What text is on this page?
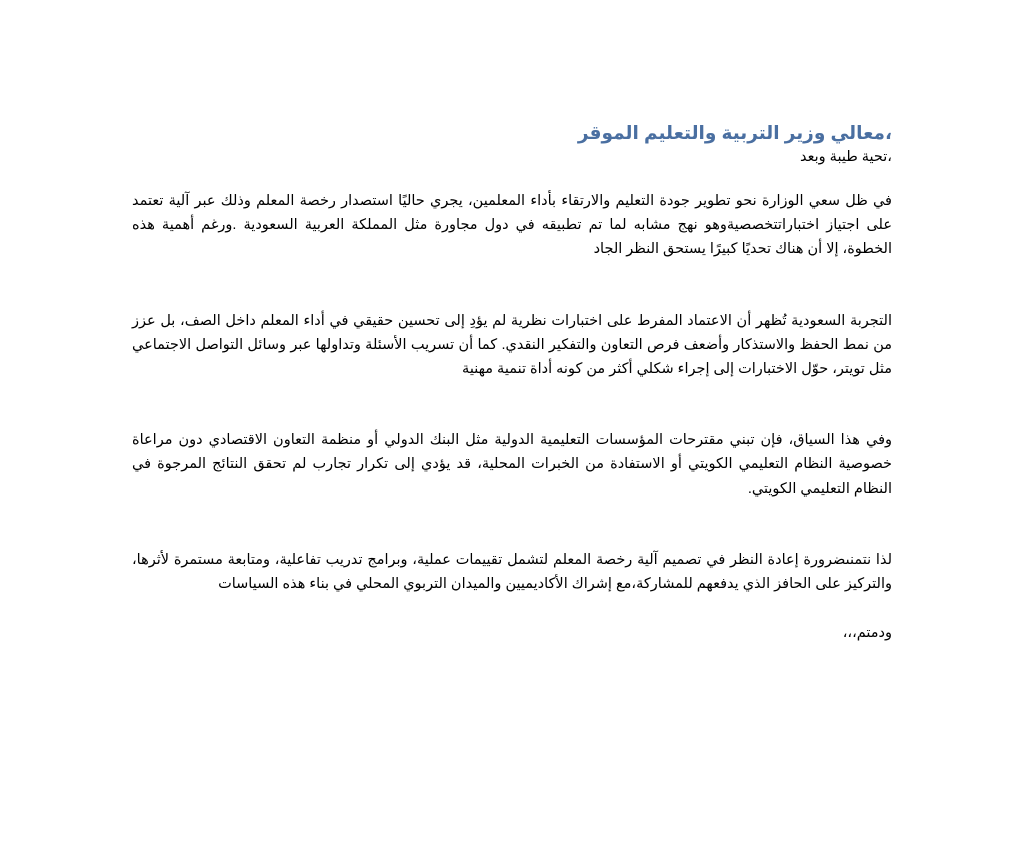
،معالي وزير التربية والتعليم الموقر

،تحية طيبة وبعد

في ظل سعي الوزارة نحو تطوير جودة التعليم والارتقاء بأداء المعلمين، يجري حاليًا استصدار رخصة المعلم وذلك عبر آلية تعتمد على اجتياز اختباراتتخصصيةوهو نهج مشابه لما تم تطبيقه في دول مجاورة مثل المملكة العربية السعودية .ورغم أهمية هذه الخطوة، إلا أن هناك تحديًا كبيرًا يستحق النظر الجاد

التجربة السعودية تُظهر أن الاعتماد المفرط على اختبارات نظرية لم يؤدِ إلى تحسين حقيقي في أداء المعلم داخل الصف، بل عزز من نمط الحفظ والاستذكار وأضعف فرص التعاون والتفكير النقدي. كما أن تسريب الأسئلة وتداولها عبر وسائل التواصل الاجتماعي مثل تويتر، حوّل الاختبارات إلى إجراء شكلي أكثر من كونه أداة تنمية مهنية

وفي هذا السياق، فإن تبني مقترحات المؤسسات التعليمية الدولية مثل البنك الدولي أو منظمة التعاون الاقتصادي دون مراعاة خصوصية النظام التعليمي الكويتي أو الاستفادة من الخبرات المحلية، قد يؤدي إلى تكرار تجارب لم تحقق النتائج المرجوة في النظام التعليمي الكويتي.

لذا نتمنىضرورة إعادة النظر في تصميم آلية رخصة المعلم لتشمل تقييمات عملية، وبرامج تدريب تفاعلية، ومتابعة مستمرة لأثرها، والتركيز على الحافز الذي يدفعهم للمشاركة،مع إشراك الأكاديميين والميدان التربوي المحلي في بناء هذه السياسات

ودمتم،،،
